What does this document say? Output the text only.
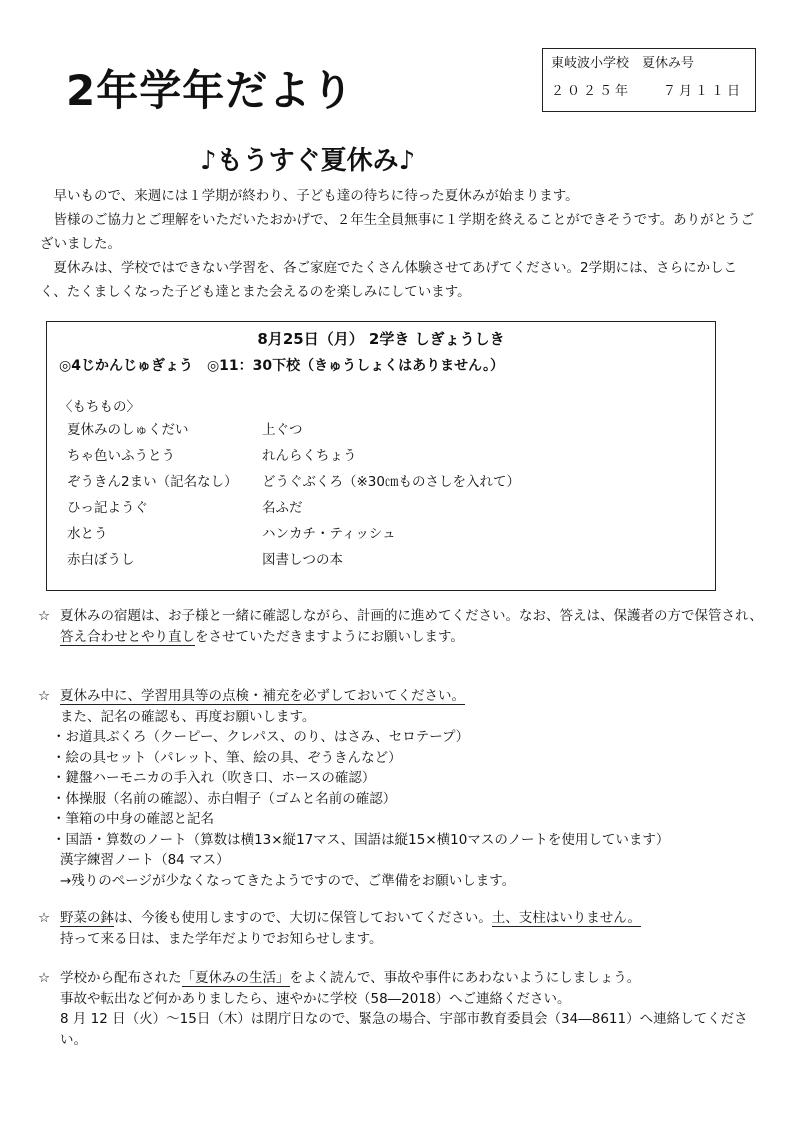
2年学年だより
東岐波小学校　夏休み号
２０２５年　　７月１１日
♪もうすぐ夏休み♪

早いもので、来週には１学期が終わり、子ども達の待ちに待った夏休みが始まります。

皆様のご協力とご理解をいただいたおかげで、２年生全員無事に１学期を終えることができそうです。ありがとうございました。

夏休みは、学校ではできない学習を、各ご家庭でたくさん体験させてあげてください。2学期には、さらにかしこく、たくましくなった子ども達とまた会えるのを楽しみにしています。

8月25日（月） 2学き しぎょうしき
◎4じかんじゅぎょう　◎11：30下校（きゅうしょくはありません。）
〈もちもの〉
夏休みのしゅくだい	上ぐつ
ちゃ色いふうとう	れんらくちょう
ぞうきん2まい（記名なし）	どうぐぶくろ（※30㎝ものさしを入れて）
ひっ記ようぐ	名ふだ
水とう	ハンカチ・ティッシュ
赤白ぼうし	図書しつの本
☆ 夏休みの宿題は、お子様と一緒に確認しながら、計画的に進めてください。なお、答えは、保護者の方で保管され、答え合わせとやり直しをさせていただきますようにお願いします。
☆ 夏休み中に、学習用具等の点検・補充を必ずしておいてください。
また、記名の確認も、再度お願いします。
・お道具ぶくろ（クーピー、クレパス、のり、はさみ、セロテープ）
・絵の具セット（パレット、筆、絵の具、ぞうきんなど）
・鍵盤ハーモニカの手入れ（吹き口、ホースの確認）
・体操服（名前の確認）、赤白帽子（ゴムと名前の確認）
・筆箱の中身の確認と記名
・国語・算数のノート（算数は横13×縦17マス、国語は縦15×横10マスのノートを使用しています）
漢字練習ノート（84 マス）
→残りのページが少なくなってきたようですので、ご準備をお願いします。
☆ 野菜の鉢は、今後も使用しますので、大切に保管しておいてください。土、支柱はいりません。
持って来る日は、また学年だよりでお知らせします。
☆ 学校から配布された「夏休みの生活」をよく読んで、事故や事件にあわないようにしましょう。
事故や転出など何かありましたら、速やかに学校（58―2018）へご連絡ください。
8 月 12 日（火）～15日（木）は閉庁日なので、緊急の場合、宇部市教育委員会（34―8611）へ連絡してください。
